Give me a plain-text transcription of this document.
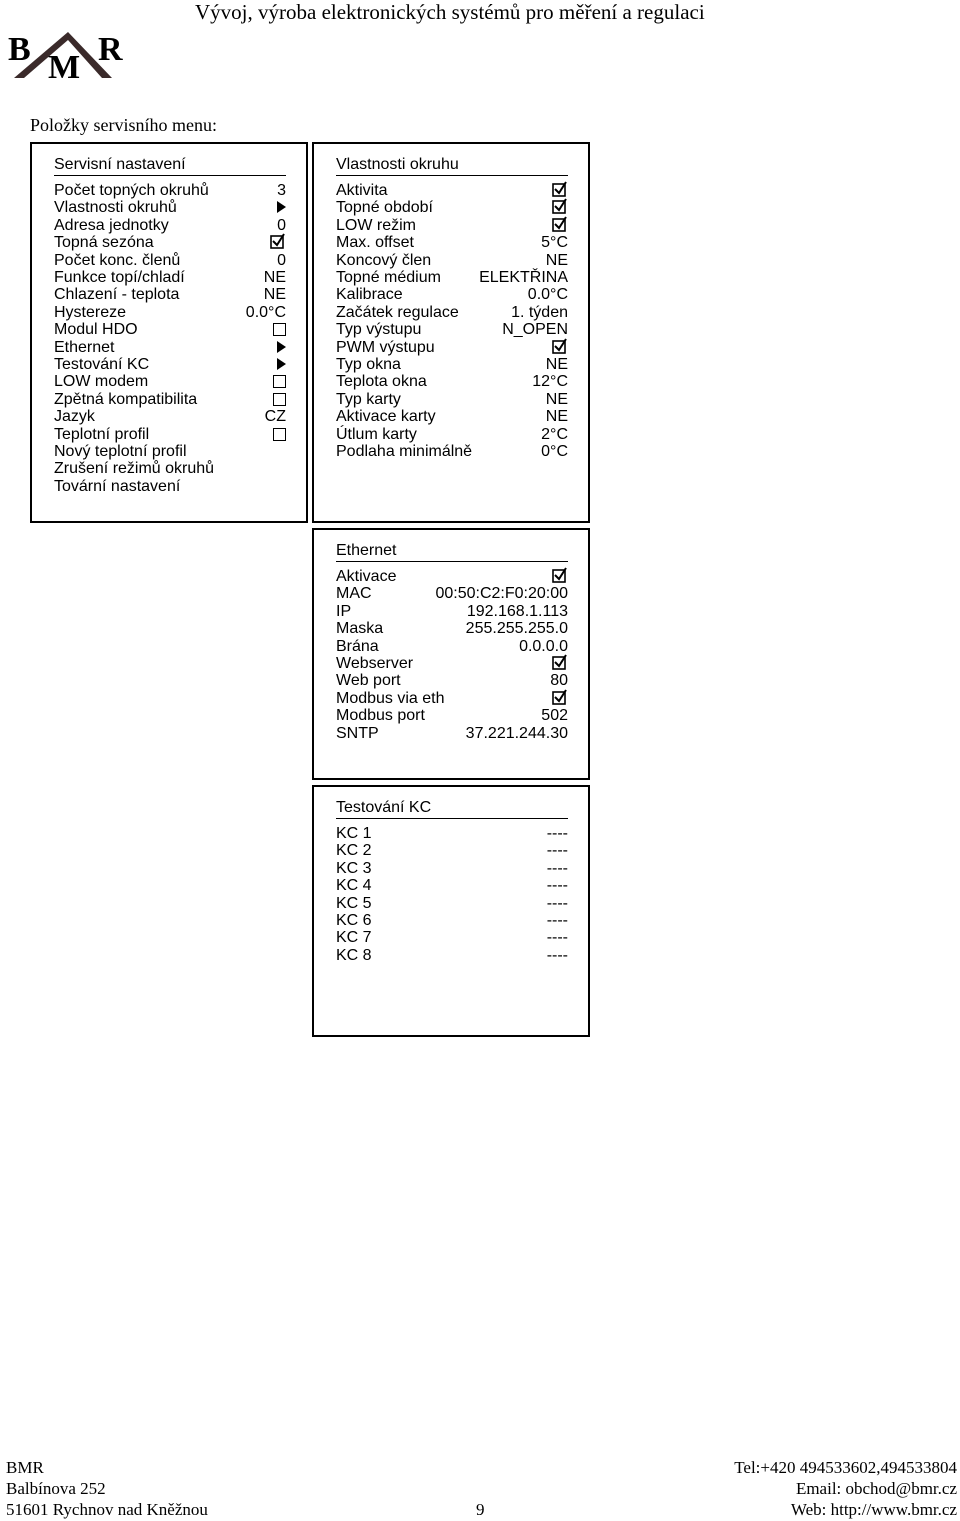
Vývoj, výroba elektronických systémů pro měření a regulaci
B R
M
Položky servisního menu:
Servisní nastavení
Počet topných okruhů	3
Vlastnosti okruhů
Adresa jednotky	0
Topná sezóna
Počet konc. členů	0
Funkce topí/chladí	NE
Chlazení - teplota	NE
Hystereze	0.0°C
Modul HDO
Ethernet
Testování KC
LOW modem
Zpětná kompatibilita
Jazyk	CZ
Teplotní profil
Nový teplotní profil
Zrušení režimů okruhů
Tovární nastavení
Vlastnosti okruhu
Aktivita
Topné období
LOW režim
Max. offset	5°C
Koncový člen	NE
Topné médium ELEKTŘINA
Kalibrace	0.0°C
Začátek regulace	1. týden
Typ výstupu	N_OPEN
PWM výstupu
Typ okna	NE
Teplota okna	12°C
Typ karty	NE
Aktivace karty	NE
Útlum karty	2°C
Podlaha minimálně	0°C
Ethernet
Aktivace
MAC	00:50:C2:F0:20:00
IP	192.168.1.113
Maska	255.255.255.0
Brána	0.0.0.0
Webserver
Web port	80
Modbus via eth
Modbus port	502
SNTP	37.221.244.30
Testování KC
KC 1	----
KC 2	----
KC 3	----
KC 4	----
KC 5	----
KC 6	----
KC 7	----
KC 8	----
BMR
Balbínova 252
51601 Rychnov nad Kněžnou	9
Tel:+420 494533602,494533804
Email: obchod@bmr.cz
Web: http://www.bmr.cz
